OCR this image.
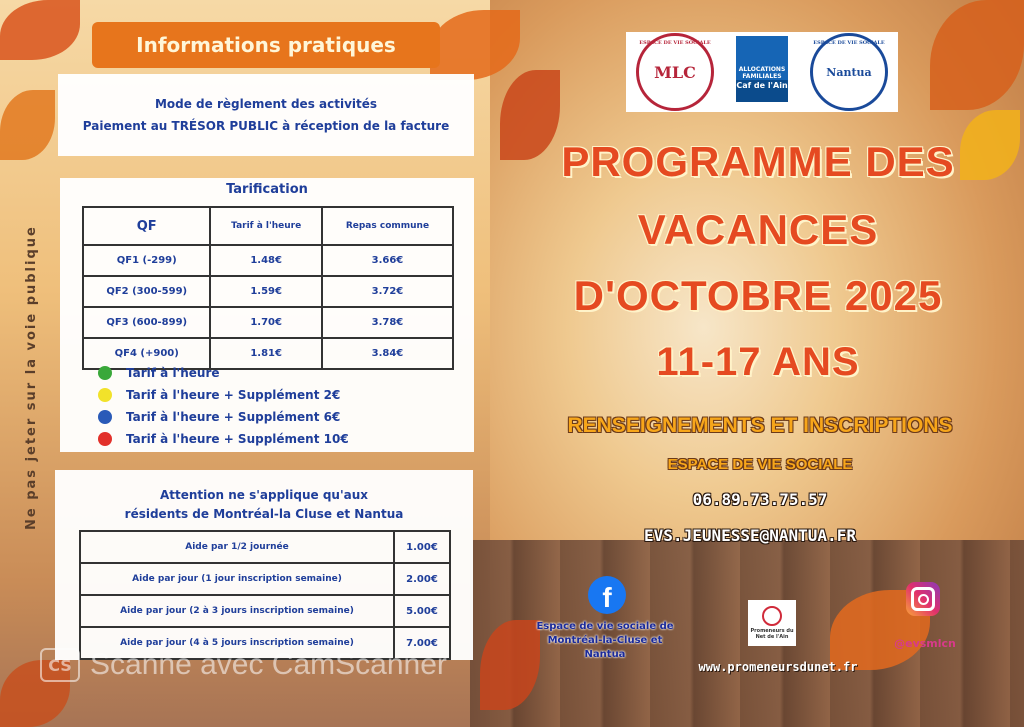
Informations pratiques
Mode de règlement des activités
Paiement au TRÉSOR PUBLIC à réception de la facture
Tarification
QF	Tarif à l'heure	Repas commune
QF1 (-299)	1.48€	3.66€
QF2 (300-599)	1.59€	3.72€
QF3 (600-899)	1.70€	3.78€
QF4 (+900)	1.81€	3.84€
Tarif à l'heure
Tarif à l'heure + Supplément 2€
Tarif à l'heure + Supplément 6€
Tarif à l'heure + Supplément 10€
Attention ne s'applique qu'aux
résidents de Montréal-la Cluse et Nantua
Aide par 1/2 journée	1.00€
Aide par jour (1 jour inscription semaine)	2.00€
Aide par jour (2 à 3 jours inscription semaine)	5.00€
Aide par jour (4 à 5 jours inscription semaine)	7.00€
ESPACE DE VIE SOCIALE
MLC	ALLOCATIONS FAMILIALES
Caf de l'Ain
ESPACE DE VIE SOCIALE
Nantua
PROGRAMME DES
VACANCES
D'OCTOBRE 2025
11-17 ANS
RENSEIGNEMENTS ET INSCRIPTIONS
ESPACE DE VIE SOCIALE
06.89.73.75.57
EVS.JEUNESSE@NANTUA.FR
f
Espace de vie sociale de Montréal-la-Cluse et Nantua
Promeneurs du Net de l'Ain	@evsmlcn
www.promeneursdunet.fr
CS Scanné avec CamScanner
